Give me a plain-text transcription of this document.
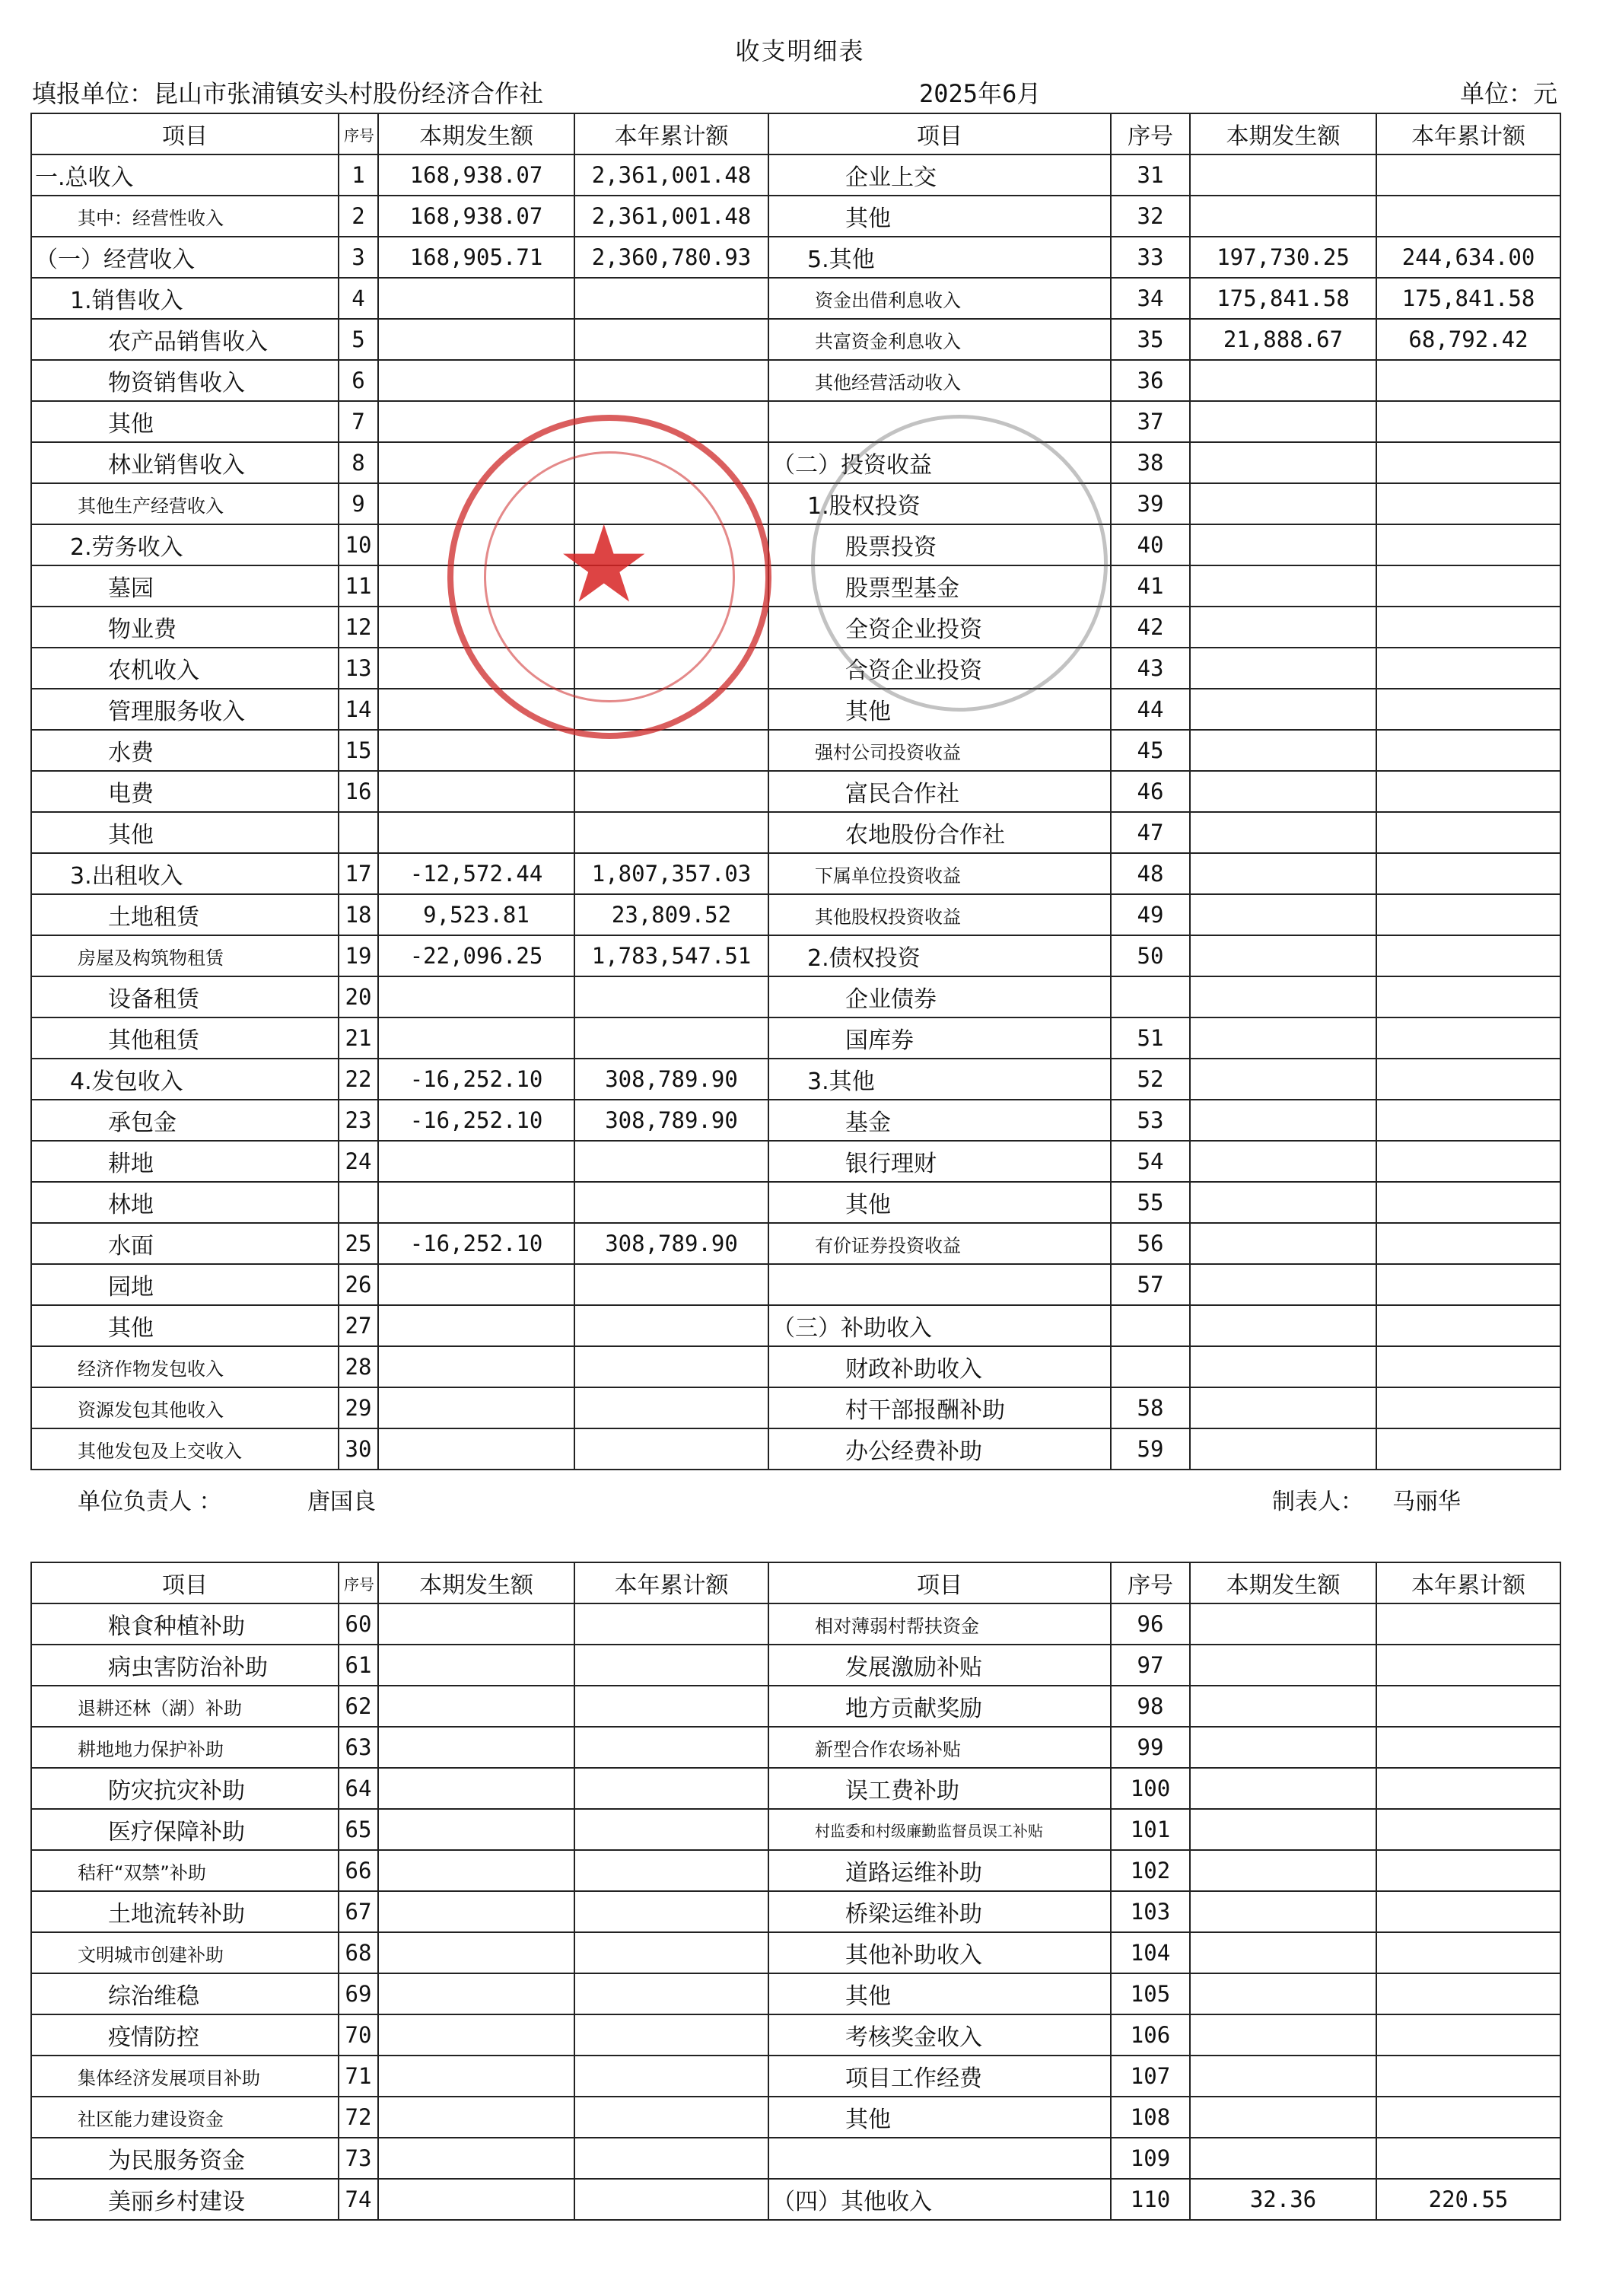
收支明细表
填报单位：昆山市张浦镇安头村股份经济合作社	2025年6月	单位：元
项目	序号	本期发生额	本年累计额	项目	序号	本期发生额	本年累计额
一.总收入	1	168,938.07	2,361,001.48	企业上交	31		
其中：经营性收入	2	168,938.07	2,361,001.48	其他	32		
（一）经营收入	3	168,905.71	2,360,780.93	5.其他	33	197,730.25	244,634.00
1.销售收入	4			资金出借利息收入	34	175,841.58	175,841.58
农产品销售收入	5			共富资金利息收入	35	21,888.67	68,792.42
物资销售收入	6			其他经营活动收入	36		
其他	7				37		
林业销售收入	8			（二）投资收益	38		
其他生产经营收入	9			1.股权投资	39		
2.劳务收入	10			股票投资	40		
墓园	11			股票型基金	41		
物业费	12			全资企业投资	42		
农机收入	13			合资企业投资	43		
管理服务收入	14			其他	44		
水费	15			强村公司投资收益	45		
电费	16			富民合作社	46		
其他				农地股份合作社	47		
3.出租收入	17	-12,572.44	1,807,357.03	下属单位投资收益	48		
土地租赁	18	9,523.81	23,809.52	其他股权投资收益	49		
房屋及构筑物租赁	19	-22,096.25	1,783,547.51	2.债权投资	50		
设备租赁	20			企业债券			
其他租赁	21			国库券	51		
4.发包收入	22	-16,252.10	308,789.90	3.其他	52		
承包金	23	-16,252.10	308,789.90	基金	53		
耕地	24			银行理财	54		
林地				其他	55		
水面	25	-16,252.10	308,789.90	有价证券投资收益	56		
园地	26				57		
其他	27			（三）补助收入			
经济作物发包收入	28			财政补助收入			
资源发包其他收入	29			村干部报酬补助	58		
其他发包及上交收入	30			办公经费补助	59		
★
单位负责人 ：	唐国良	制表人： 马丽华
项目	序号	本期发生额	本年累计额	项目	序号	本期发生额	本年累计额
粮食种植补助	60			相对薄弱村帮扶资金	96		
病虫害防治补助	61			发展激励补贴	97		
退耕还林（湖）补助	62			地方贡献奖励	98		
耕地地力保护补助	63			新型合作农场补贴	99		
防灾抗灾补助	64			误工费补助	100		
医疗保障补助	65			村监委和村级廉勤监督员误工补贴	101		
秸秆“双禁”补助	66			道路运维补助	102		
土地流转补助	67			桥梁运维补助	103		
文明城市创建补助	68			其他补助收入	104		
综治维稳	69			其他	105		
疫情防控	70			考核奖金收入	106		
集体经济发展项目补助	71			项目工作经费	107		
社区能力建设资金	72			其他	108		
为民服务资金	73				109		
美丽乡村建设	74			（四）其他收入	110	32.36	220.55
